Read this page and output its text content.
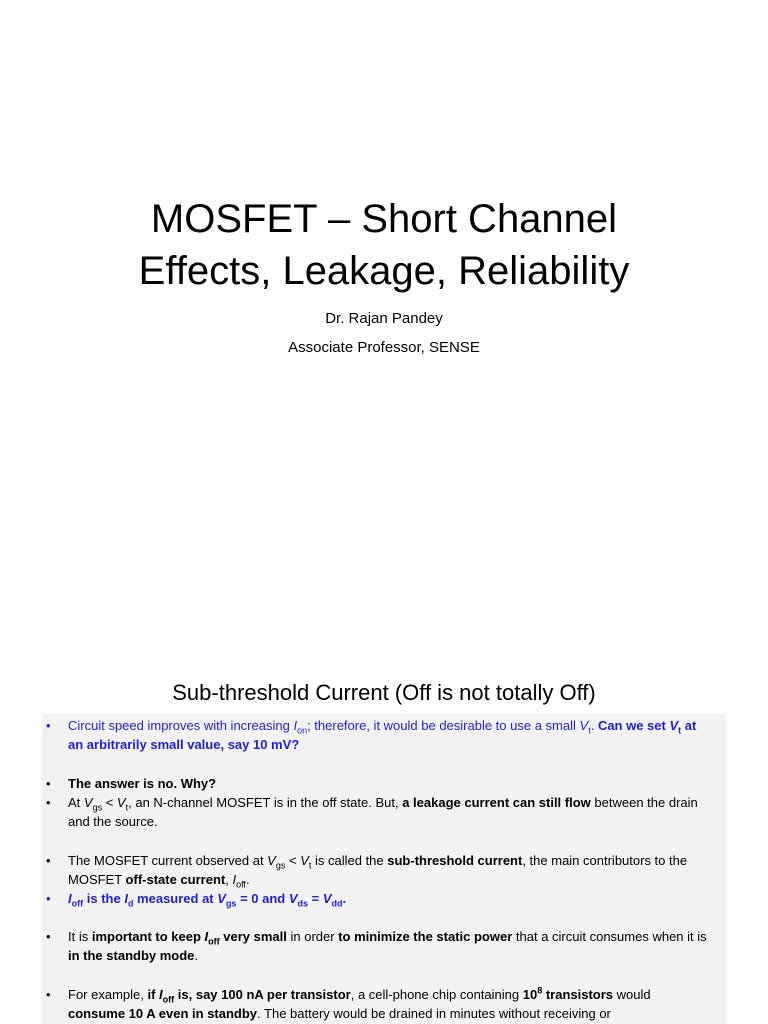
MOSFET – Short Channel
Effects, Leakage, Reliability
Dr. Rajan Pandey
Associate Professor, SENSE
Sub-threshold Current (Off is not totally Off)
• Circuit speed improves with increasing $I_{on}$; therefore, it would be desirable to use a small $V_t$. Can we set $V_t$ at an arbitrarily small value, say 10 mV?
• The answer is no. Why?
• At $V_{gs} < V_t$, an N-channel MOSFET is in the off state. But, a leakage current can still flow between the drain and the source.
• The MOSFET current observed at $V_{gs} < V_t$ is called the sub-threshold current, the main contributors to the MOSFET off-state current, $I_{off}$.
• $I_{off}$ is the $I_d$ measured at $V_{gs} = 0$ and $V_{ds} = V_{dd}$.
• It is important to keep $I_{off}$ very small in order to minimize the static power that a circuit consumes when it is in the standby mode.
• For example, if $I_{off}$ is, say 100 nA per transistor, a cell-phone chip containing $10^8$ transistors would consume 10 A even in standby. The battery would be drained in minutes without receiving or
